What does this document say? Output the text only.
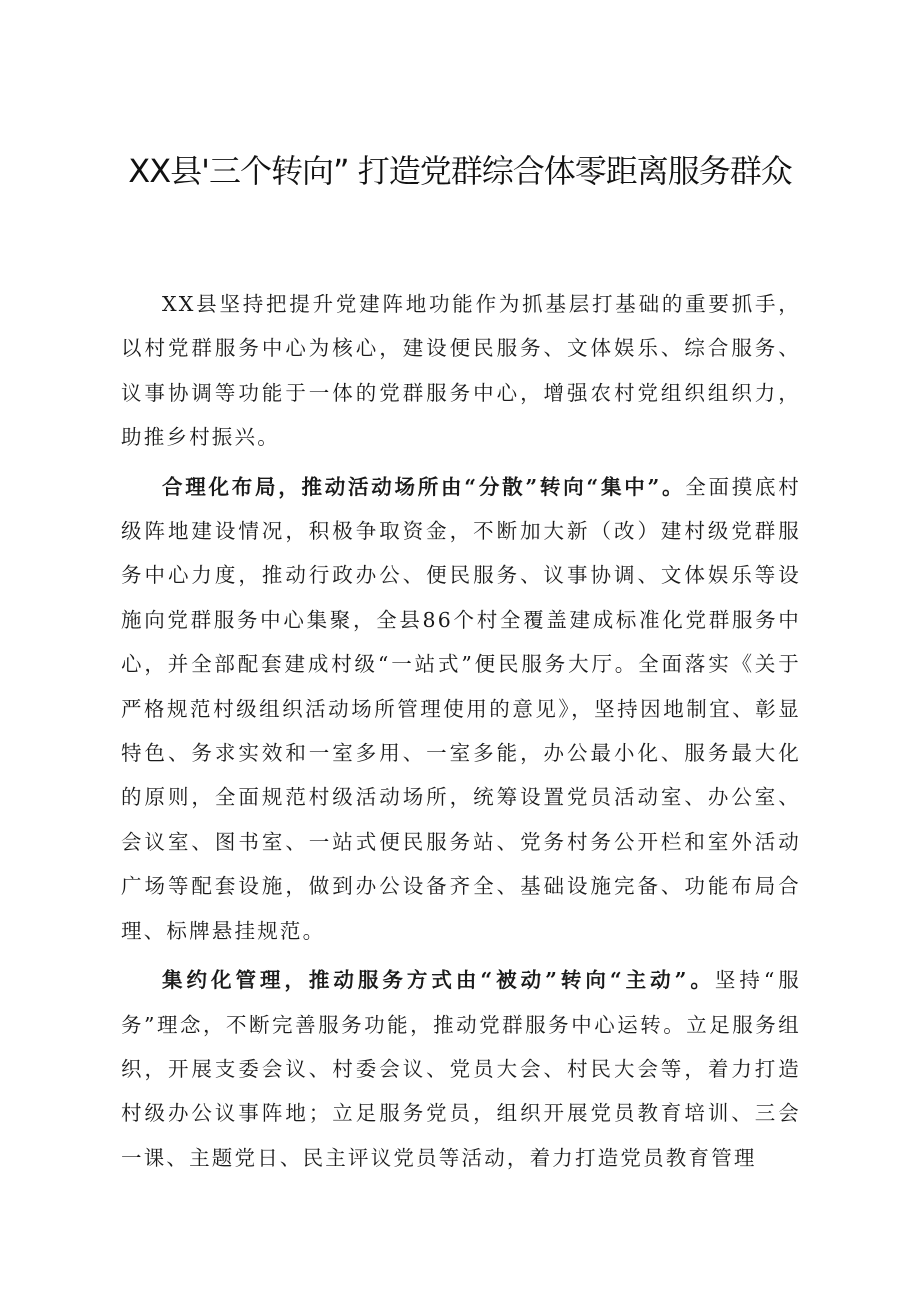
XX县'三个转向” 打造党群综合体零距离服务群众

XX县坚持把提升党建阵地功能作为抓基层打基础的重要抓手，以村党群服务中心为核心，建设便民服务、文体娱乐、综合服务、议事协调等功能于一体的党群服务中心，增强农村党组织组织力，助推乡村振兴。

合理化布局，推动活动场所由“分散”转向“集中”。全面摸底村级阵地建设情况，积极争取资金，不断加大新（改）建村级党群服务中心力度，推动行政办公、便民服务、议事协调、文体娱乐等设施向党群服务中心集聚，全县86个村全覆盖建成标准化党群服务中心，并全部配套建成村级“一站式”便民服务大厅。全面落实《关于严格规范村级组织活动场所管理使用的意见》，坚持因地制宜、彰显特色、务求实效和一室多用、一室多能，办公最小化、服务最大化的原则，全面规范村级活动场所，统筹设置党员活动室、办公室、会议室、图书室、一站式便民服务站、党务村务公开栏和室外活动广场等配套设施，做到办公设备齐全、基础设施完备、功能布局合理、标牌悬挂规范。

集约化管理，推动服务方式由“被动”转向“主动”。坚持“服务”理念，不断完善服务功能，推动党群服务中心运转。立足服务组织，开展支委会议、村委会议、党员大会、村民大会等，着力打造村级办公议事阵地；立足服务党员，组织开展党员教育培训、三会一课、主题党日、民主评议党员等活动，着力打造党员教育管理
